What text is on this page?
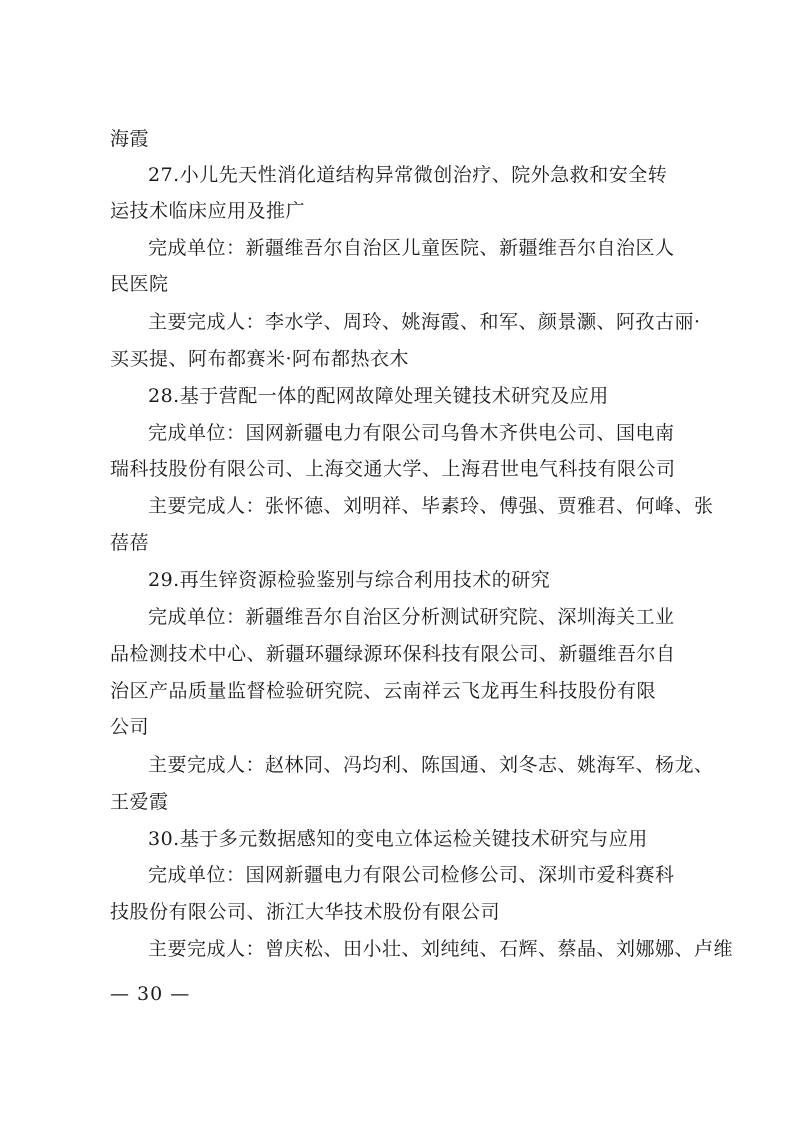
海霞
27.小儿先天性消化道结构异常微创治疗、院外急救和安全转
运技术临床应用及推广
完成单位：新疆维吾尔自治区儿童医院、新疆维吾尔自治区人
民医院
主要完成人：李水学、周玲、姚海霞、和军、颜景灏、阿孜古丽·
买买提、阿布都赛米·阿布都热衣木
28.基于营配一体的配网故障处理关键技术研究及应用
完成单位：国网新疆电力有限公司乌鲁木齐供电公司、国电南
瑞科技股份有限公司、上海交通大学、上海君世电气科技有限公司
主要完成人：张怀德、刘明祥、毕素玲、傅强、贾雅君、何峰、张
蓓蓓
29.再生锌资源检验鉴别与综合利用技术的研究
完成单位：新疆维吾尔自治区分析测试研究院、深圳海关工业
品检测技术中心、新疆环疆绿源环保科技有限公司、新疆维吾尔自
治区产品质量监督检验研究院、云南祥云飞龙再生科技股份有限
公司
主要完成人：赵林同、冯均利、陈国通、刘冬志、姚海军、杨龙、
王爱霞
30.基于多元数据感知的变电立体运检关键技术研究与应用
完成单位：国网新疆电力有限公司检修公司、深圳市爱科赛科
技股份有限公司、浙江大华技术股份有限公司
主要完成人：曾庆松、田小壮、刘纯纯、石辉、蔡晶、刘娜娜、卢维
— 30 —
